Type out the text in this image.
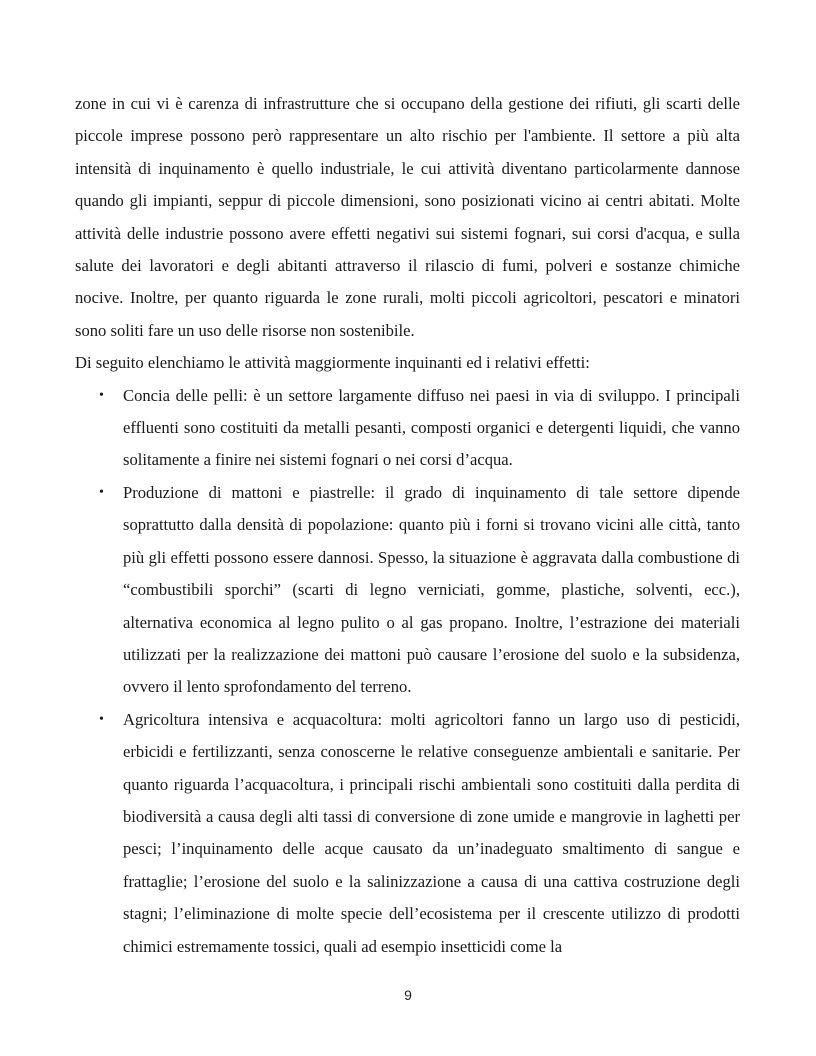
zone in cui vi è carenza di infrastrutture che si occupano della gestione dei rifiuti, gli scarti delle piccole imprese possono però rappresentare un alto rischio per l'ambiente. Il settore a più alta intensità di inquinamento è quello industriale, le cui attività diventano particolarmente dannose quando gli impianti, seppur di piccole dimensioni, sono posizionati vicino ai centri abitati. Molte attività delle industrie possono avere effetti negativi sui sistemi fognari, sui corsi d'acqua, e sulla salute dei lavoratori e degli abitanti attraverso il rilascio di fumi, polveri e sostanze chimiche nocive. Inoltre, per quanto riguarda le zone rurali, molti piccoli agricoltori, pescatori e minatori sono soliti fare un uso delle risorse non sostenibile.

Di seguito elenchiamo le attività maggiormente inquinanti ed i relativi effetti:

• Concia delle pelli: è un settore largamente diffuso nei paesi in via di sviluppo. I principali effluenti sono costituiti da metalli pesanti, composti organici e detergenti liquidi, che vanno solitamente a finire nei sistemi fognari o nei corsi d’acqua.
• Produzione di mattoni e piastrelle: il grado di inquinamento di tale settore dipende soprattutto dalla densità di popolazione: quanto più i forni si trovano vicini alle città, tanto più gli effetti possono essere dannosi. Spesso, la situazione è aggravata dalla combustione di “combustibili sporchi” (scarti di legno verniciati, gomme, plastiche, solventi, ecc.), alternativa economica al legno pulito o al gas propano. Inoltre, l’estrazione dei materiali utilizzati per la realizzazione dei mattoni può causare l’erosione del suolo e la subsidenza, ovvero il lento sprofondamento del terreno.
• Agricoltura intensiva e acquacoltura: molti agricoltori fanno un largo uso di pesticidi, erbicidi e fertilizzanti, senza conoscerne le relative conseguenze ambientali e sanitarie. Per quanto riguarda l’acquacoltura, i principali rischi ambientali sono costituiti dalla perdita di biodiversità a causa degli alti tassi di conversione di zone umide e mangrovie in laghetti per pesci; l’inquinamento delle acque causato da un’inadeguato smaltimento di sangue e frattaglie; l’erosione del suolo e la salinizzazione a causa di una cattiva costruzione degli stagni; l’eliminazione di molte specie dell’ecosistema per il crescente utilizzo di prodotti chimici estremamente tossici, quali ad esempio insetticidi come la
9
